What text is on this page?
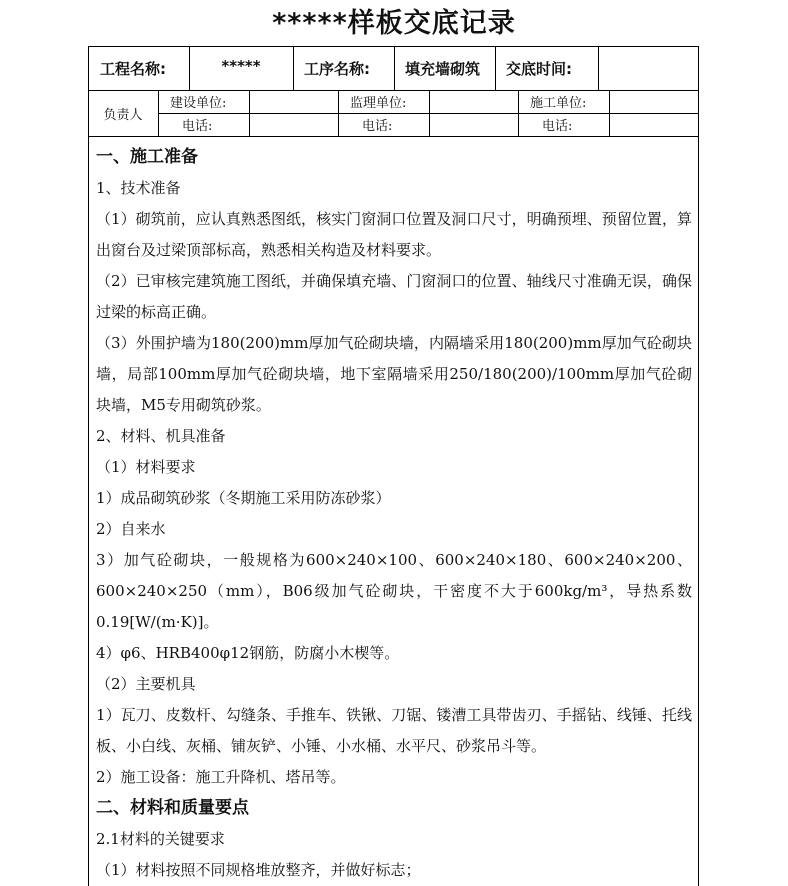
*****样板交底记录
工程名称:	*****	工序名称: 填充墙砌筑 交底时间:
负责人
建设单位:
电话:
监理单位:
电话:
施工单位:
电话:

一、施工准备

1、技术准备

（1）砌筑前，应认真熟悉图纸，核实门窗洞口位置及洞口尺寸，明确预埋、预留位置，算出窗台及过梁顶部标高，熟悉相关构造及材料要求。

（2）已审核完建筑施工图纸，并确保填充墙、门窗洞口的位置、轴线尺寸准确无误，确保过梁的标高正确。

（3）外围护墙为180(200)mm厚加气砼砌块墙，内隔墙采用180(200)mm厚加气砼砌块墙，局部100mm厚加气砼砌块墙，地下室隔墙采用250/180(200)/100mm厚加气砼砌块墙，M5专用砌筑砂浆。

2、材料、机具准备

（1）材料要求

1）成品砌筑砂浆（冬期施工采用防冻砂浆）

2）自来水

3）加气砼砌块，一般规格为600×240×100、600×240×180、600×240×200、600×240×250（mm），B06级加气砼砌块，干密度不大于600kg/m³，导热系数0.19[W/(m·K)]。

4）φ6、HRB400φ12钢筋，防腐小木楔等。

（2）主要机具

1）瓦刀、皮数杆、勾缝条、手推车、铁锹、刀锯、镂漕工具带齿刃、手摇钻、线锤、托线板、小白线、灰桶、铺灰铲、小锤、小水桶、水平尺、砂浆吊斗等。

2）施工设备：施工升降机、塔吊等。

二、材料和质量要点

2.1材料的关键要求

（1）材料按照不同规格堆放整齐，并做好标志；
